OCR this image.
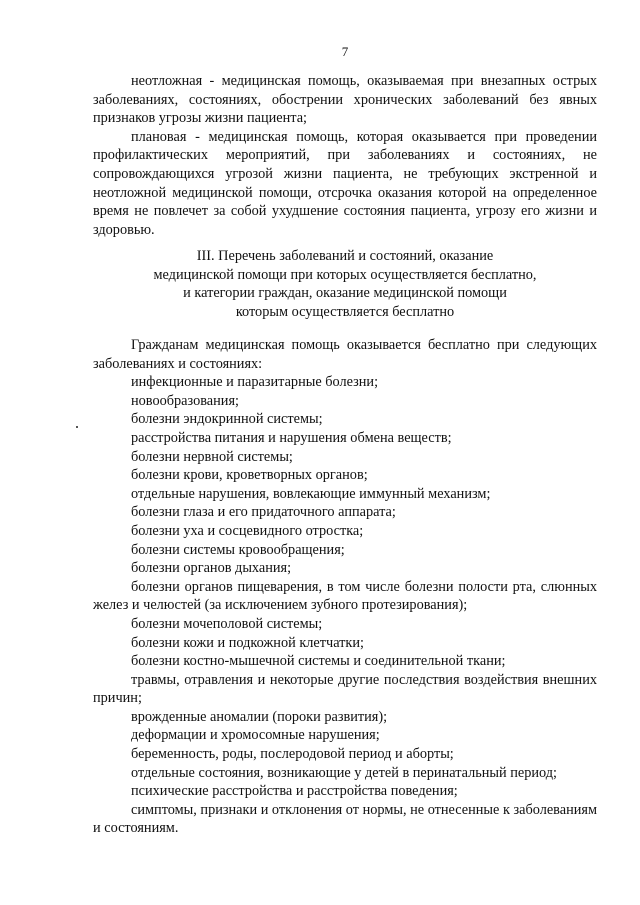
7

неотложная - медицинская помощь, оказываемая при внезапных острых заболеваниях, состояниях, обострении хронических заболеваний без явных признаков угрозы жизни пациента;

плановая - медицинская помощь, которая оказывается при проведении профилактических мероприятий, при заболеваниях и состояниях, не сопровождающихся угрозой жизни пациента, не требующих экстренной и неотложной медицинской помощи, отсрочка оказания которой на определенное время не повлечет за собой ухудшение состояния пациента, угрозу его жизни и здоровью.

III. Перечень заболеваний и состояний, оказание
медицинской помощи при которых осуществляется бесплатно,
и категории граждан, оказание медицинской помощи
которым осуществляется бесплатно

Гражданам медицинская помощь оказывается бесплатно при следующих заболеваниях и состояниях:

инфекционные и паразитарные болезни;
новообразования;
болезни эндокринной системы;
расстройства питания и нарушения обмена веществ;
болезни нервной системы;
болезни крови, кроветворных органов;
отдельные нарушения, вовлекающие иммунный механизм;
болезни глаза и его придаточного аппарата;
болезни уха и сосцевидного отростка;
болезни системы кровообращения;
болезни органов дыхания;
болезни органов пищеварения, в том числе болезни полости рта, слюнных желез и челюстей (за исключением зубного протезирования);
болезни мочеполовой системы;
болезни кожи и подкожной клетчатки;
болезни костно-мышечной системы и соединительной ткани;
травмы, отравления и некоторые другие последствия воздействия внешних причин;
врожденные аномалии (пороки развития);
деформации и хромосомные нарушения;
беременность, роды, послеродовой период и аборты;
отдельные состояния, возникающие у детей в перинатальный период;
психические расстройства и расстройства поведения;
симптомы, признаки и отклонения от нормы, не отнесенные к заболеваниям и состояниям.
